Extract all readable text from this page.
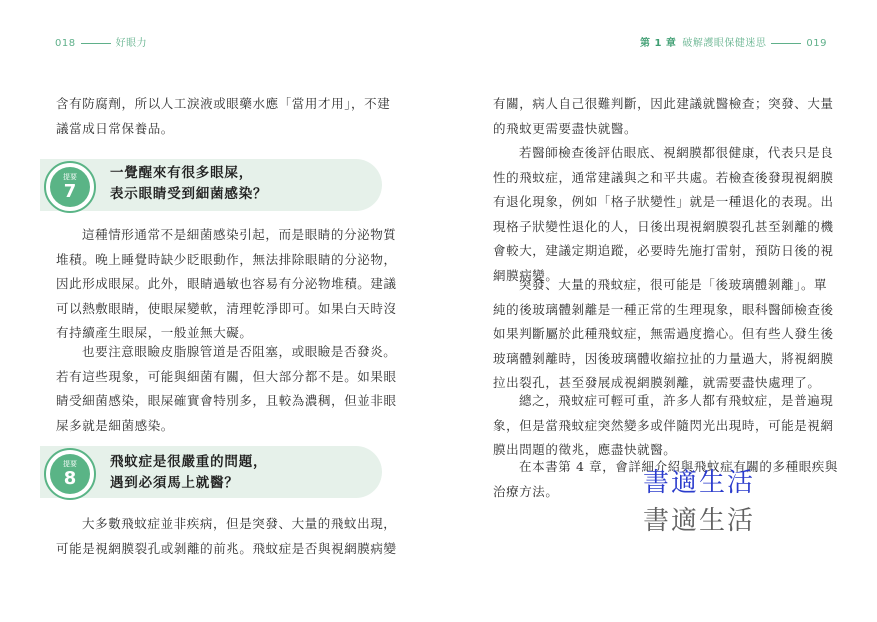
018	好眼力	第 1 章 破解護眼保健迷思	019
含有防腐劑，所以人工淚液或眼藥水應「當用才用」，不建
議當成日常保養品。
提要
7
一覺醒來有很多眼屎，
表示眼睛受到細菌感染？
這種情形通常不是細菌感染引起，而是眼睛的分泌物質
堆積。晚上睡覺時缺少眨眼動作，無法排除眼睛的分泌物，
因此形成眼屎。此外，眼睛過敏也容易有分泌物堆積。建議
可以熱敷眼睛，使眼屎變軟，清理乾淨即可。如果白天時沒
有持續產生眼屎，一般並無大礙。
也要注意眼瞼皮脂腺管道是否阻塞，或眼瞼是否發炎。
若有這些現象，可能與細菌有關，但大部分都不是。如果眼
睛受細菌感染，眼屎確實會特別多，且較為濃稠，但並非眼
屎多就是細菌感染。
提要
8
飛蚊症是很嚴重的問題，
遇到必須馬上就醫？
大多數飛蚊症並非疾病，但是突發、大量的飛蚊出現，
可能是視網膜裂孔或剝離的前兆。飛蚊症是否與視網膜病變
有關，病人自己很難判斷，因此建議就醫檢查；突發、大量
的飛蚊更需要盡快就醫。
若醫師檢查後評估眼底、視網膜都很健康，代表只是良
性的飛蚊症，通常建議與之和平共處。若檢查後發現視網膜
有退化現象，例如「格子狀變性」就是一種退化的表現。出
現格子狀變性退化的人，日後出現視網膜裂孔甚至剝離的機
會較大，建議定期追蹤，必要時先施打雷射，預防日後的視
網膜病變。
突發、大量的飛蚊症，很可能是「後玻璃體剝離」。單
純的後玻璃體剝離是一種正常的生理現象，眼科醫師檢查後
如果判斷屬於此種飛蚊症，無需過度擔心。但有些人發生後
玻璃體剝離時，因後玻璃體收縮拉扯的力量過大，將視網膜
拉出裂孔，甚至發展成視網膜剝離，就需要盡快處理了。
總之，飛蚊症可輕可重，許多人都有飛蚊症，是普遍現
象，但是當飛蚊症突然變多或伴隨閃光出現時，可能是視網
膜出問題的徵兆，應盡快就醫。
在本書第 4 章，會詳細介紹與飛蚊症有關的多種眼疾與
治療方法。	書適生活
書適生活
